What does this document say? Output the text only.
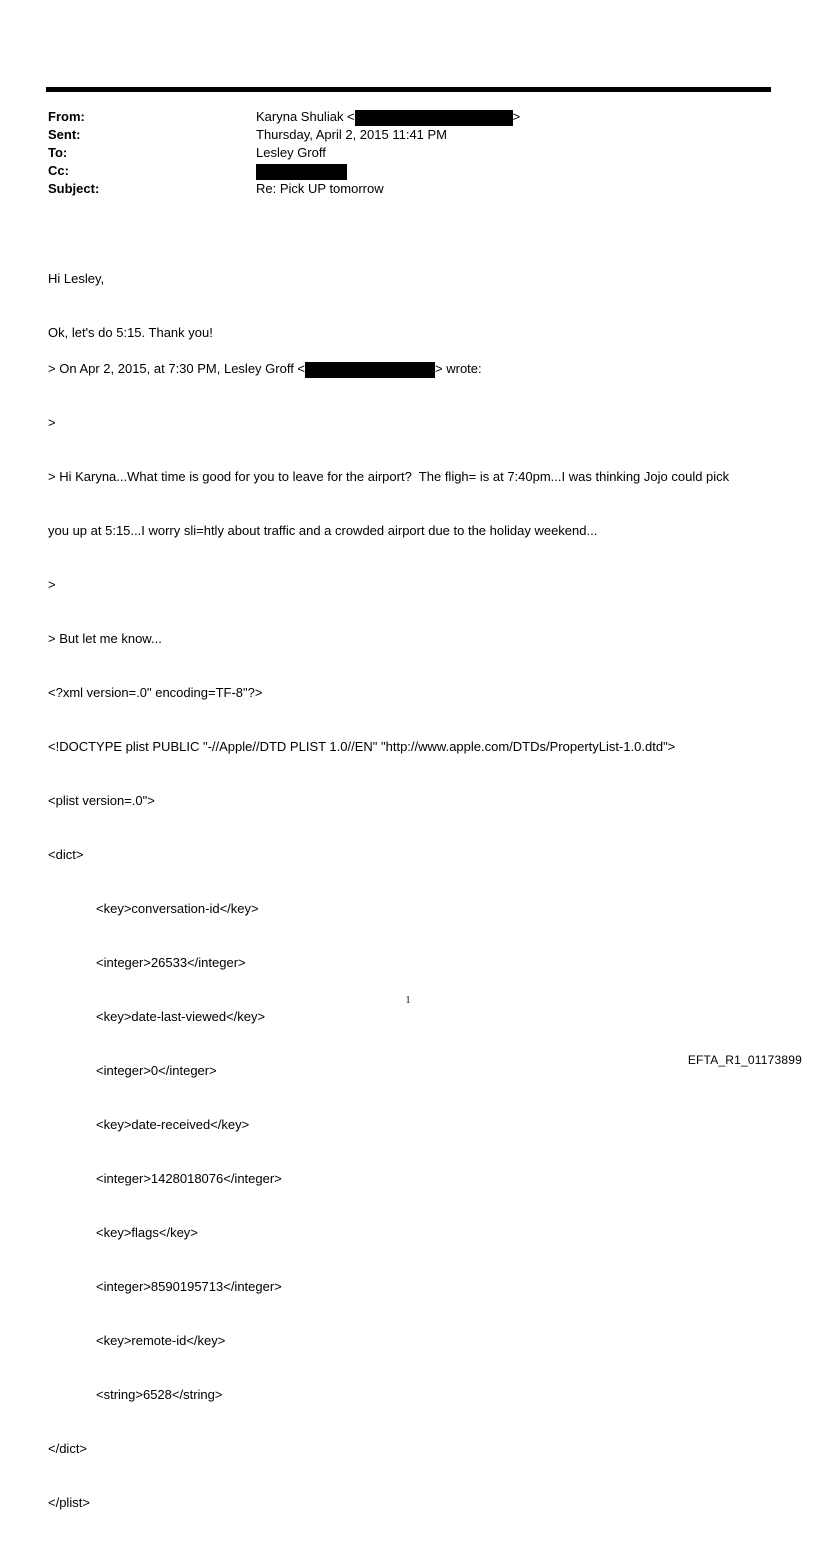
From:	Karyna Shuliak <	>
Sent:	Thursday, April 2, 2015 11:41 PM
To:	Lesley Groff
Cc:
Subject:	Re: Pick UP tomorrow

Hi Lesley,

Ok, let's do 5:15. Thank you!

> On Apr 2, 2015, at 7:30 PM, Lesley Groff <	> wrote:

>

> Hi Karyna...What time is good for you to leave for the airport?  The fligh= is at 7:40pm...I was thinking Jojo could pick

you up at 5:15...I worry sli=htly about traffic and a crowded airport due to the holiday weekend...

>

> But let me know...

<?xml version=.0" encoding=TF-8"?>

<!DOCTYPE plist PUBLIC "-//Apple//DTD PLIST 1.0//EN" "http://www.apple.com/DTDs/PropertyList-1.0.dtd">

<plist version=.0">

<dict>

<key>conversation-id</key>

<integer>26533</integer>

<key>date-last-viewed</key>

<integer>0</integer>

<key>date-received</key>

<integer>1428018076</integer>

<key>flags</key>

<integer>8590195713</integer>

<key>remote-id</key>

<string>6528</string>

</dict>

</plist>

1
EFTA_R1_01173899
